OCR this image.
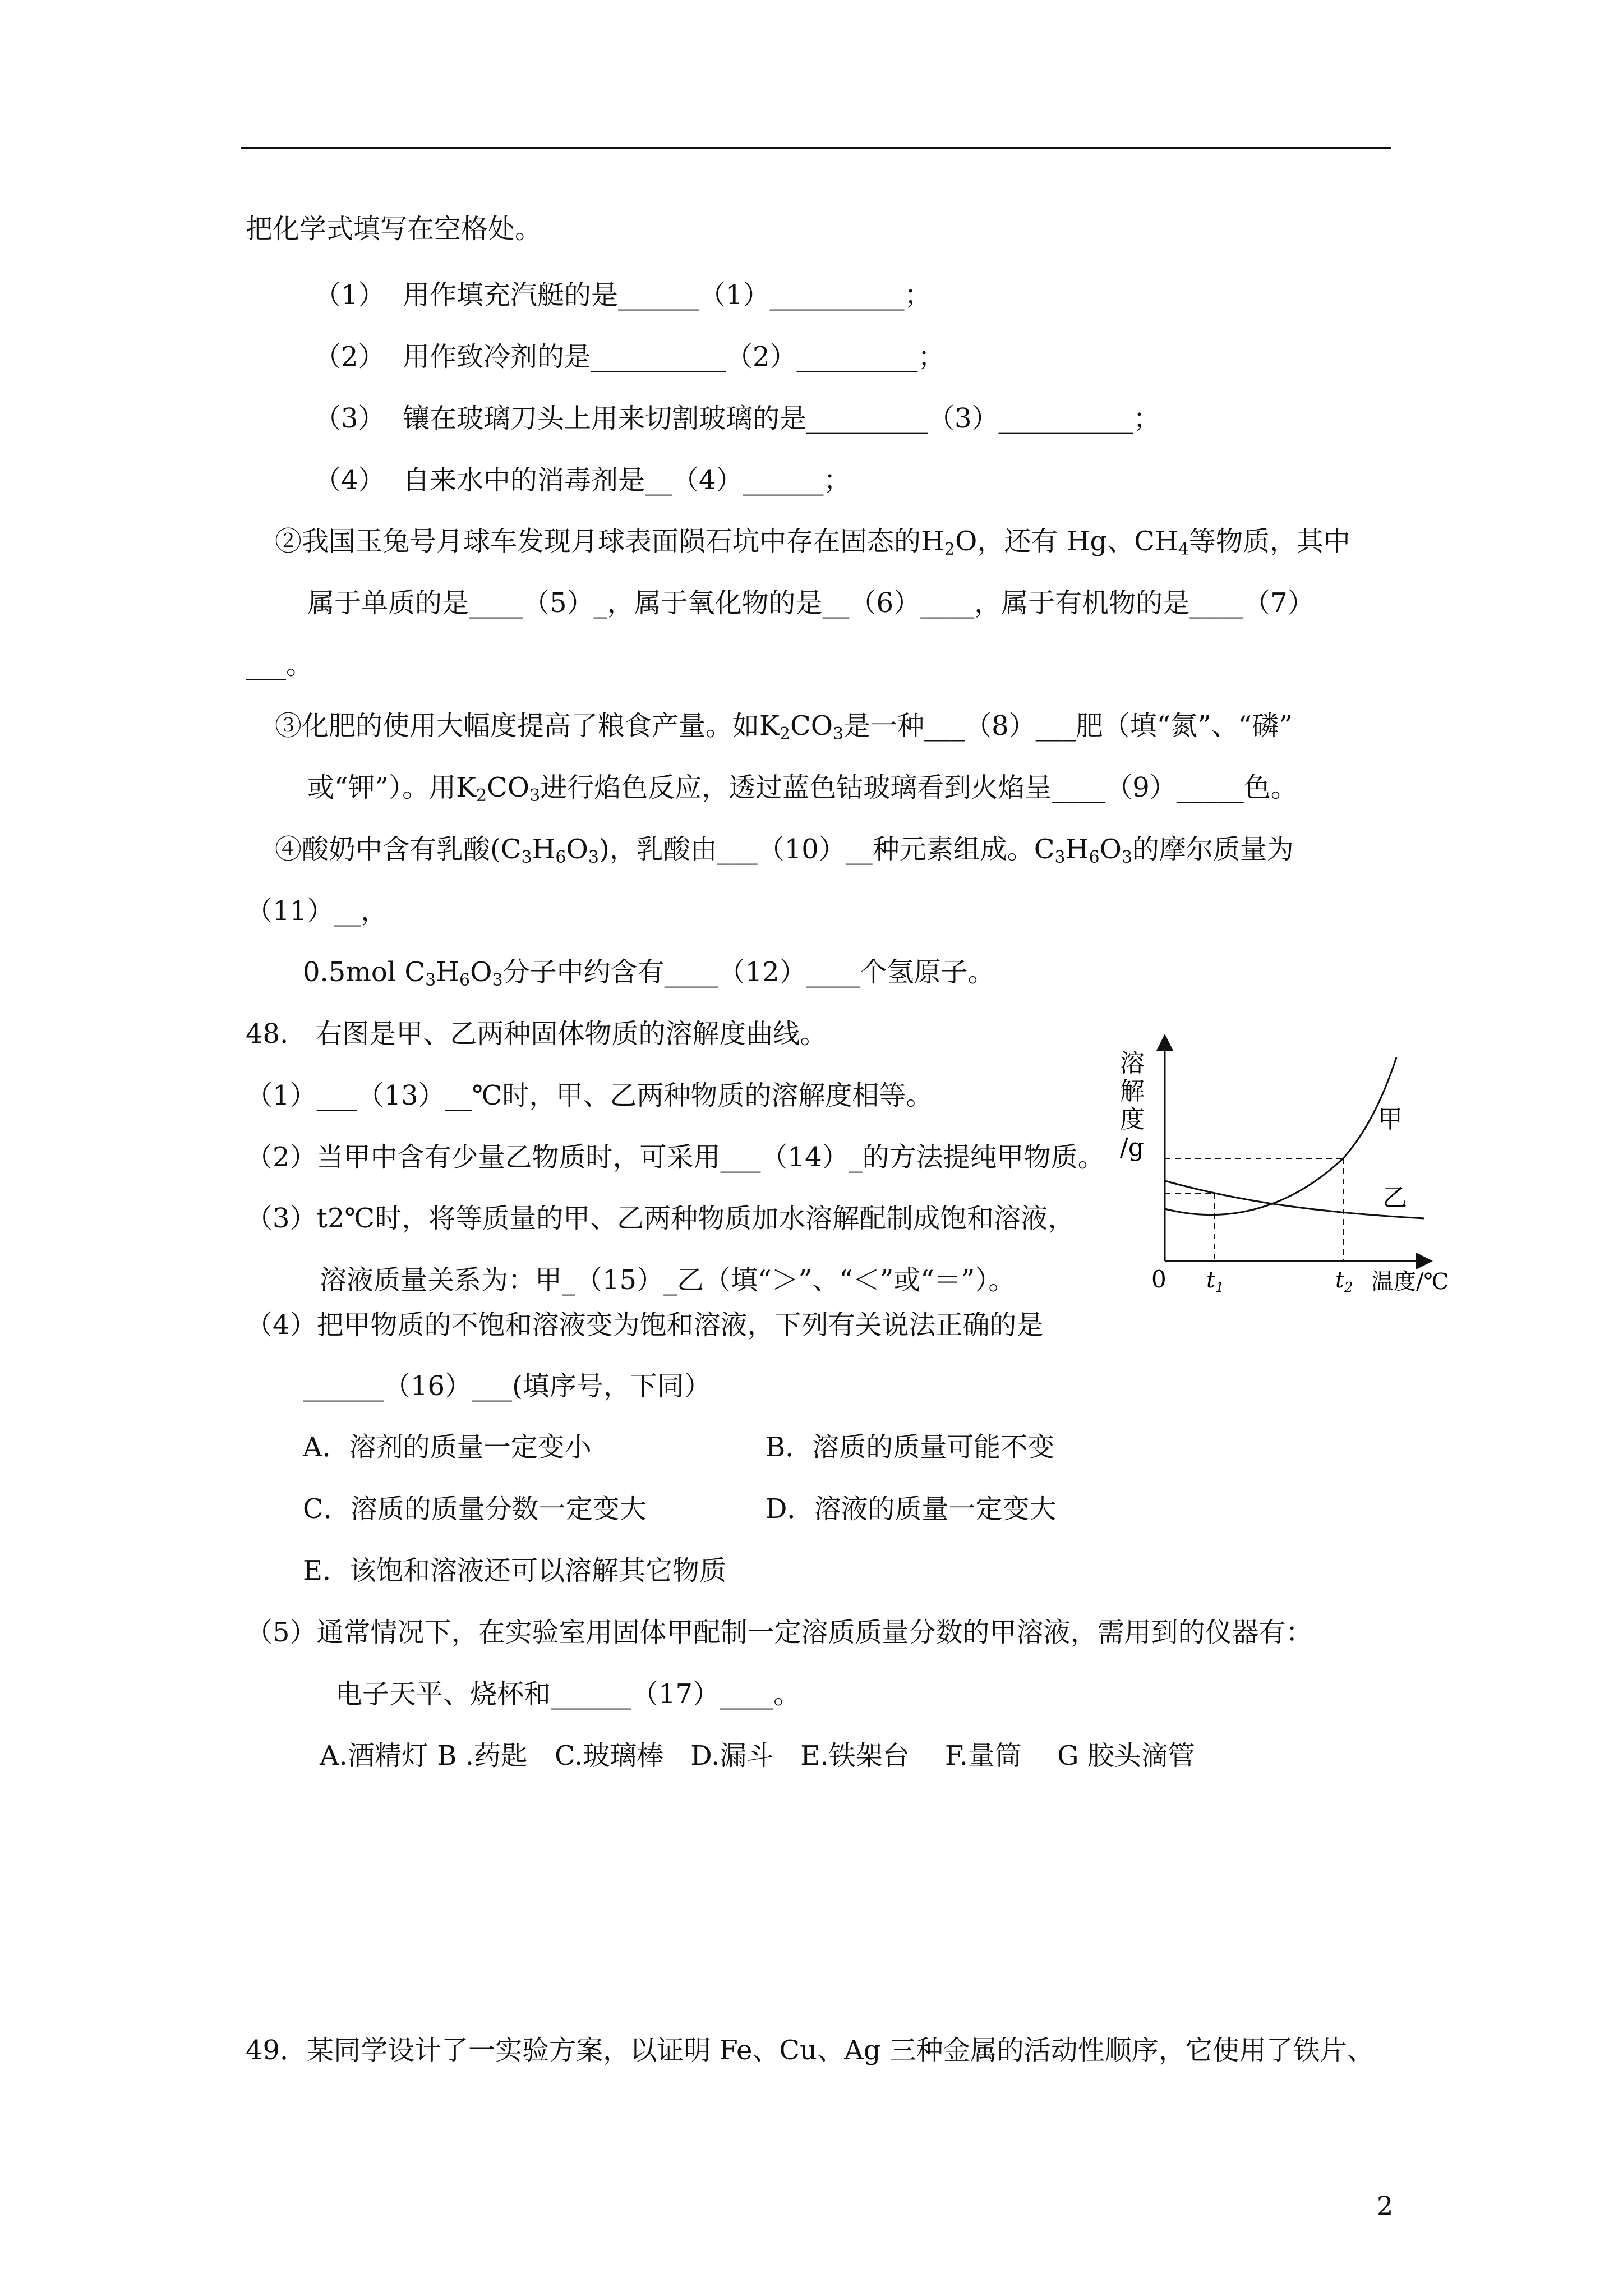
把化学式填写在空格处。
（1） 用作填充汽艇的是______（1）__________；
（2） 用作致冷剂的是__________（2）_________；
（3） 镶在玻璃刀头上用来切割玻璃的是_________（3）__________；
（4） 自来水中的消毒剂是__（4）______；
②我国玉兔号月球车发现月球表面陨石坑中存在固态的$H_2O$，还有 Hg、$CH_4$等物质，其中
属于单质的是____（5）_，属于氧化物的是__（6）____，属于有机物的是____（7）
___。
③化肥的使用大幅度提高了粮食产量。如$K_2CO_3$是一种___（8）___肥（填“氮”、“磷”
或“钾”）。用$K_2CO_3$进行焰色反应，透过蓝色钴玻璃看到火焰呈____（9）_____色。
④酸奶中含有乳酸$(C_3H_6O_3)$，乳酸由___（10）__种元素组成。$C_3H_6O_3$的摩尔质量为
（11）__，
0.5mol $C_3H_6O_3$分子中约含有____（12）____个氢原子。
48.　右图是甲、乙两种固体物质的溶解度曲线。
（1）___（13）__℃时，甲、乙两种物质的溶解度相等。
（2）当甲中含有少量乙物质时，可采用___（14）_的方法提纯甲物质。
（3）t2℃时，将等质量的甲、乙两种物质加水溶解配制成饱和溶液，
溶液质量关系为：甲_（15）_乙（填“＞”、“＜”或“＝”）。
（4）把甲物质的不饱和溶液变为饱和溶液，下列有关说法正确的是
______（16）___(填序号，下同）
A．溶剂的质量一定变小	B．溶质的质量可能不变
C．溶质的质量分数一定变大	D．溶液的质量一定变大
E．该饱和溶液还可以溶解其它物质
（5）通常情况下，在实验室用固体甲配制一定溶质质量分数的甲溶液，需用到的仪器有：
电子天平、烧杯和______（17）____。
A.酒精灯 B .药匙　C.玻璃棒　D.漏斗　E.铁架台　 F.量筒　 G 胶头滴管
49．某同学设计了一实验方案，以证明 Fe、Cu、Ag 三种金属的活动性顺序，它使用了铁片、
溶
解
度
/g
甲
乙
0 $t_1$	$t_2$ 温度/℃
2
